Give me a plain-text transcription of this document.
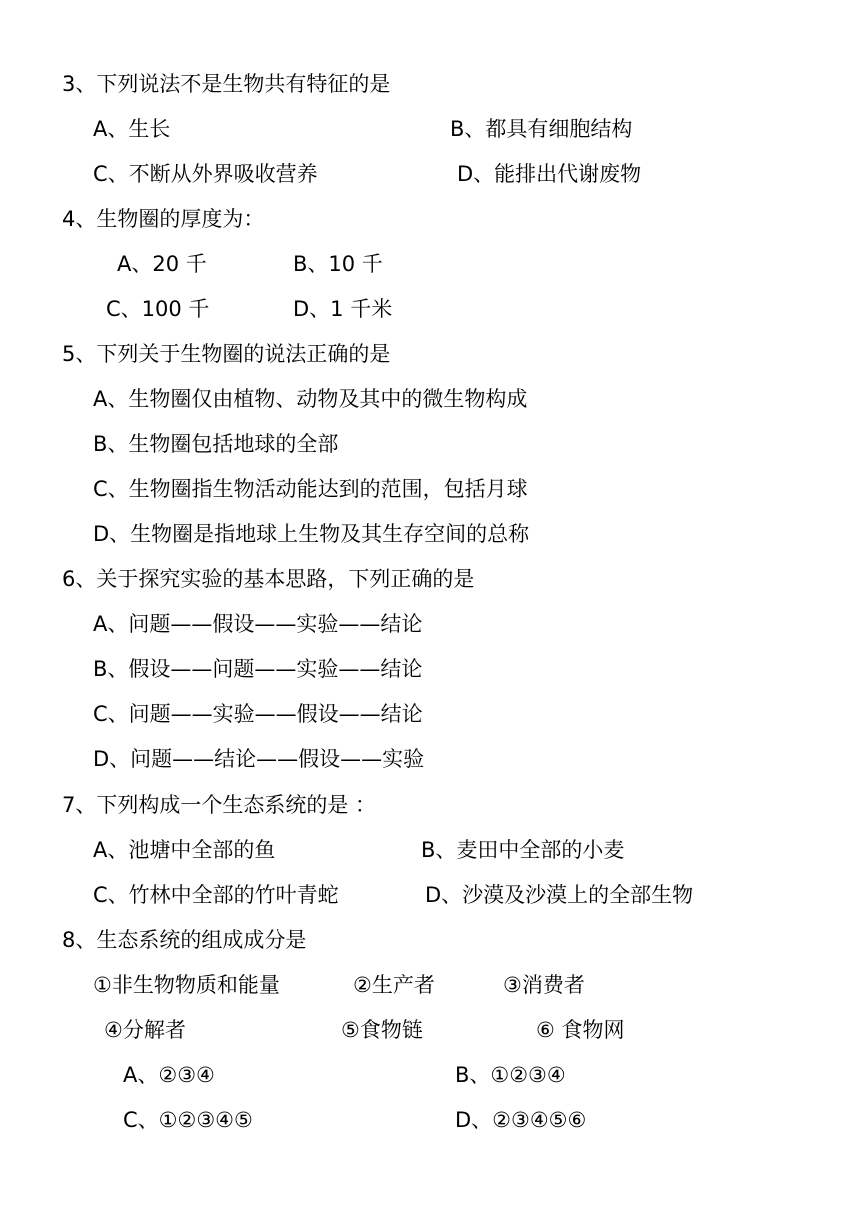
3、下列说法不是生物共有特征的是
A、生长	B、都具有细胞结构
C、不断从外界吸收营养	D、能排出代谢废物
4、生物圈的厚度为：
A、20 千	B、10 千
C、100 千	D、1 千米
5、下列关于生物圈的说法正确的是
A、生物圈仅由植物、动物及其中的微生物构成
B、生物圈包括地球的全部
C、生物圈指生物活动能达到的范围，包括月球
D、生物圈是指地球上生物及其生存空间的总称
6、关于探究实验的基本思路，下列正确的是
A、问题——假设——实验——结论
B、假设——问题——实验——结论
C、问题——实验——假设——结论
D、问题——结论——假设——实验
7、下列构成一个生态系统的是 ：
A、池塘中全部的鱼	B、麦田中全部的小麦
C、竹林中全部的竹叶青蛇	D、沙漠及沙漠上的全部生物
8、生态系统的组成成分是
①非生物物质和能量	②生产者	③消费者
④分解者	⑤食物链	⑥ 食物网
A、②③④	B、①②③④
C、①②③④⑤	D、②③④⑤⑥
